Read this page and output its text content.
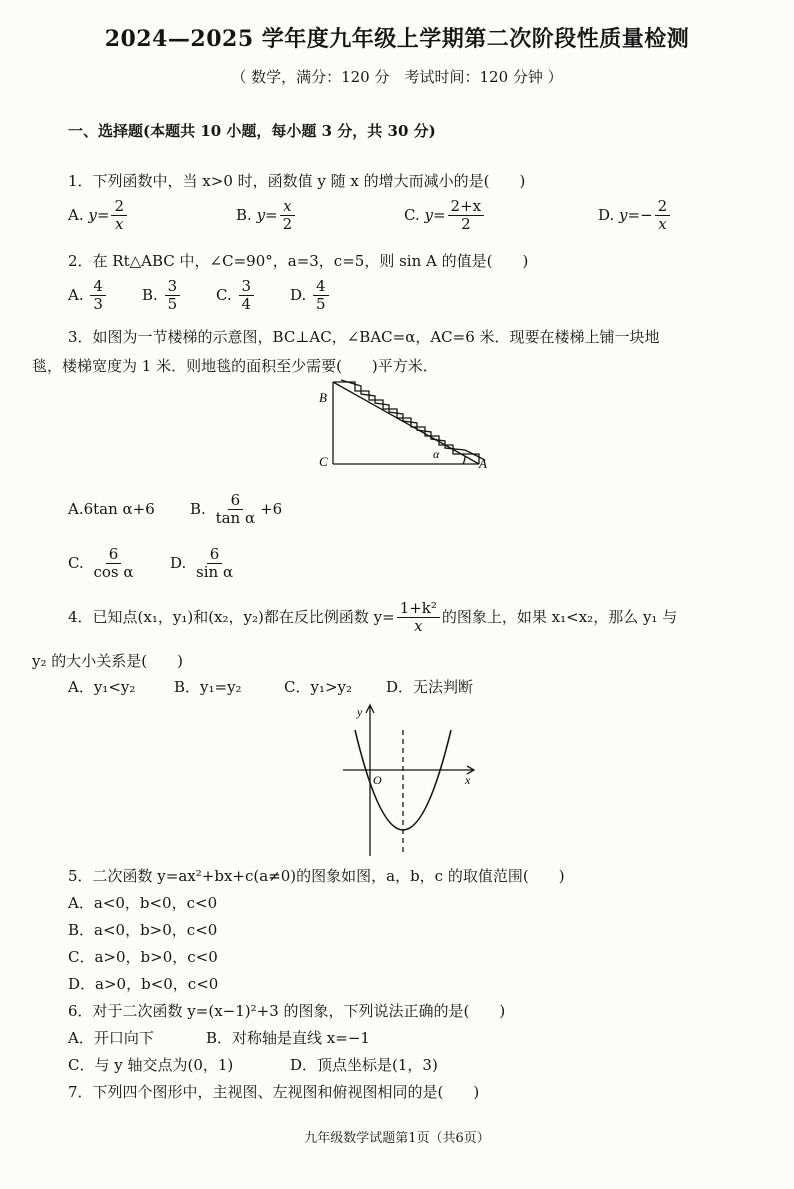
2024—2025 学年度九年级上学期第二次阶段性质量检测
（ 数学，满分：120 分　考试时间：120 分钟 ）
一、选择题(本题共 10 小题，每小题 3 分，共 30 分)
1．下列函数中，当 x>0 时，函数值 y 随 x 的增大而减小的是(　　)
A. $y= \frac{2}{x}$	B. $y= \frac{x}{2}$	C. $y= \frac{2+x}{2}$	D. $y=- \frac{2}{x}$
2．在 Rt△ABC 中，∠C=90°，a=3，c=5，则 sin A 的值是(　　)
A. $\frac{4}{3} B$. $\frac{3}{5} C$. $\frac{3}{4} D$. $\frac{4}{5}$
3．如图为一节楼梯的示意图，BC⊥AC，∠BAC=α，AC=6 米．现要在楼梯上铺一块地
毯，楼梯宽度为 1 米．则地毯的面积至少需要(　　)平方米．
B
C	A
α
A.6tan α+6 B. $\frac{6}{\text{tan α}} +6$
C. $\frac{6}{\text{cos α}} D$. $\frac{6}{\text{sin α}}$
4．已知点(x₁，y₁)和(x₂，y₂)都在反比例函数 $y= \frac{\text{1+k²}}{x}$ 的图象上，如果 x₁<x₂，那么 y₁ 与
y₂ 的大小关系是(　　)
A．y₁<y₂	B．y₁=y₂	C．y₁>y₂ D．无法判断
y
x
O
5．二次函数 y=ax²+bx+c(a≠0)的图象如图，a，b，c 的取值范围(　　)
A．a<0，b<0，c<0
B．a<0，b>0，c<0
C．a>0，b>0，c<0
D．a>0，b<0，c<0
6．对于二次函数 y=(x−1)²+3 的图象，下列说法正确的是(　　)
A．开口向下	B．对称轴是直线 x=−1
C．与 y 轴交点为(0，1)	D．顶点坐标是(1，3)
7．下列四个图形中，主视图、左视图和俯视图相同的是(　　)
九年级数学试题第1页（共6页）
